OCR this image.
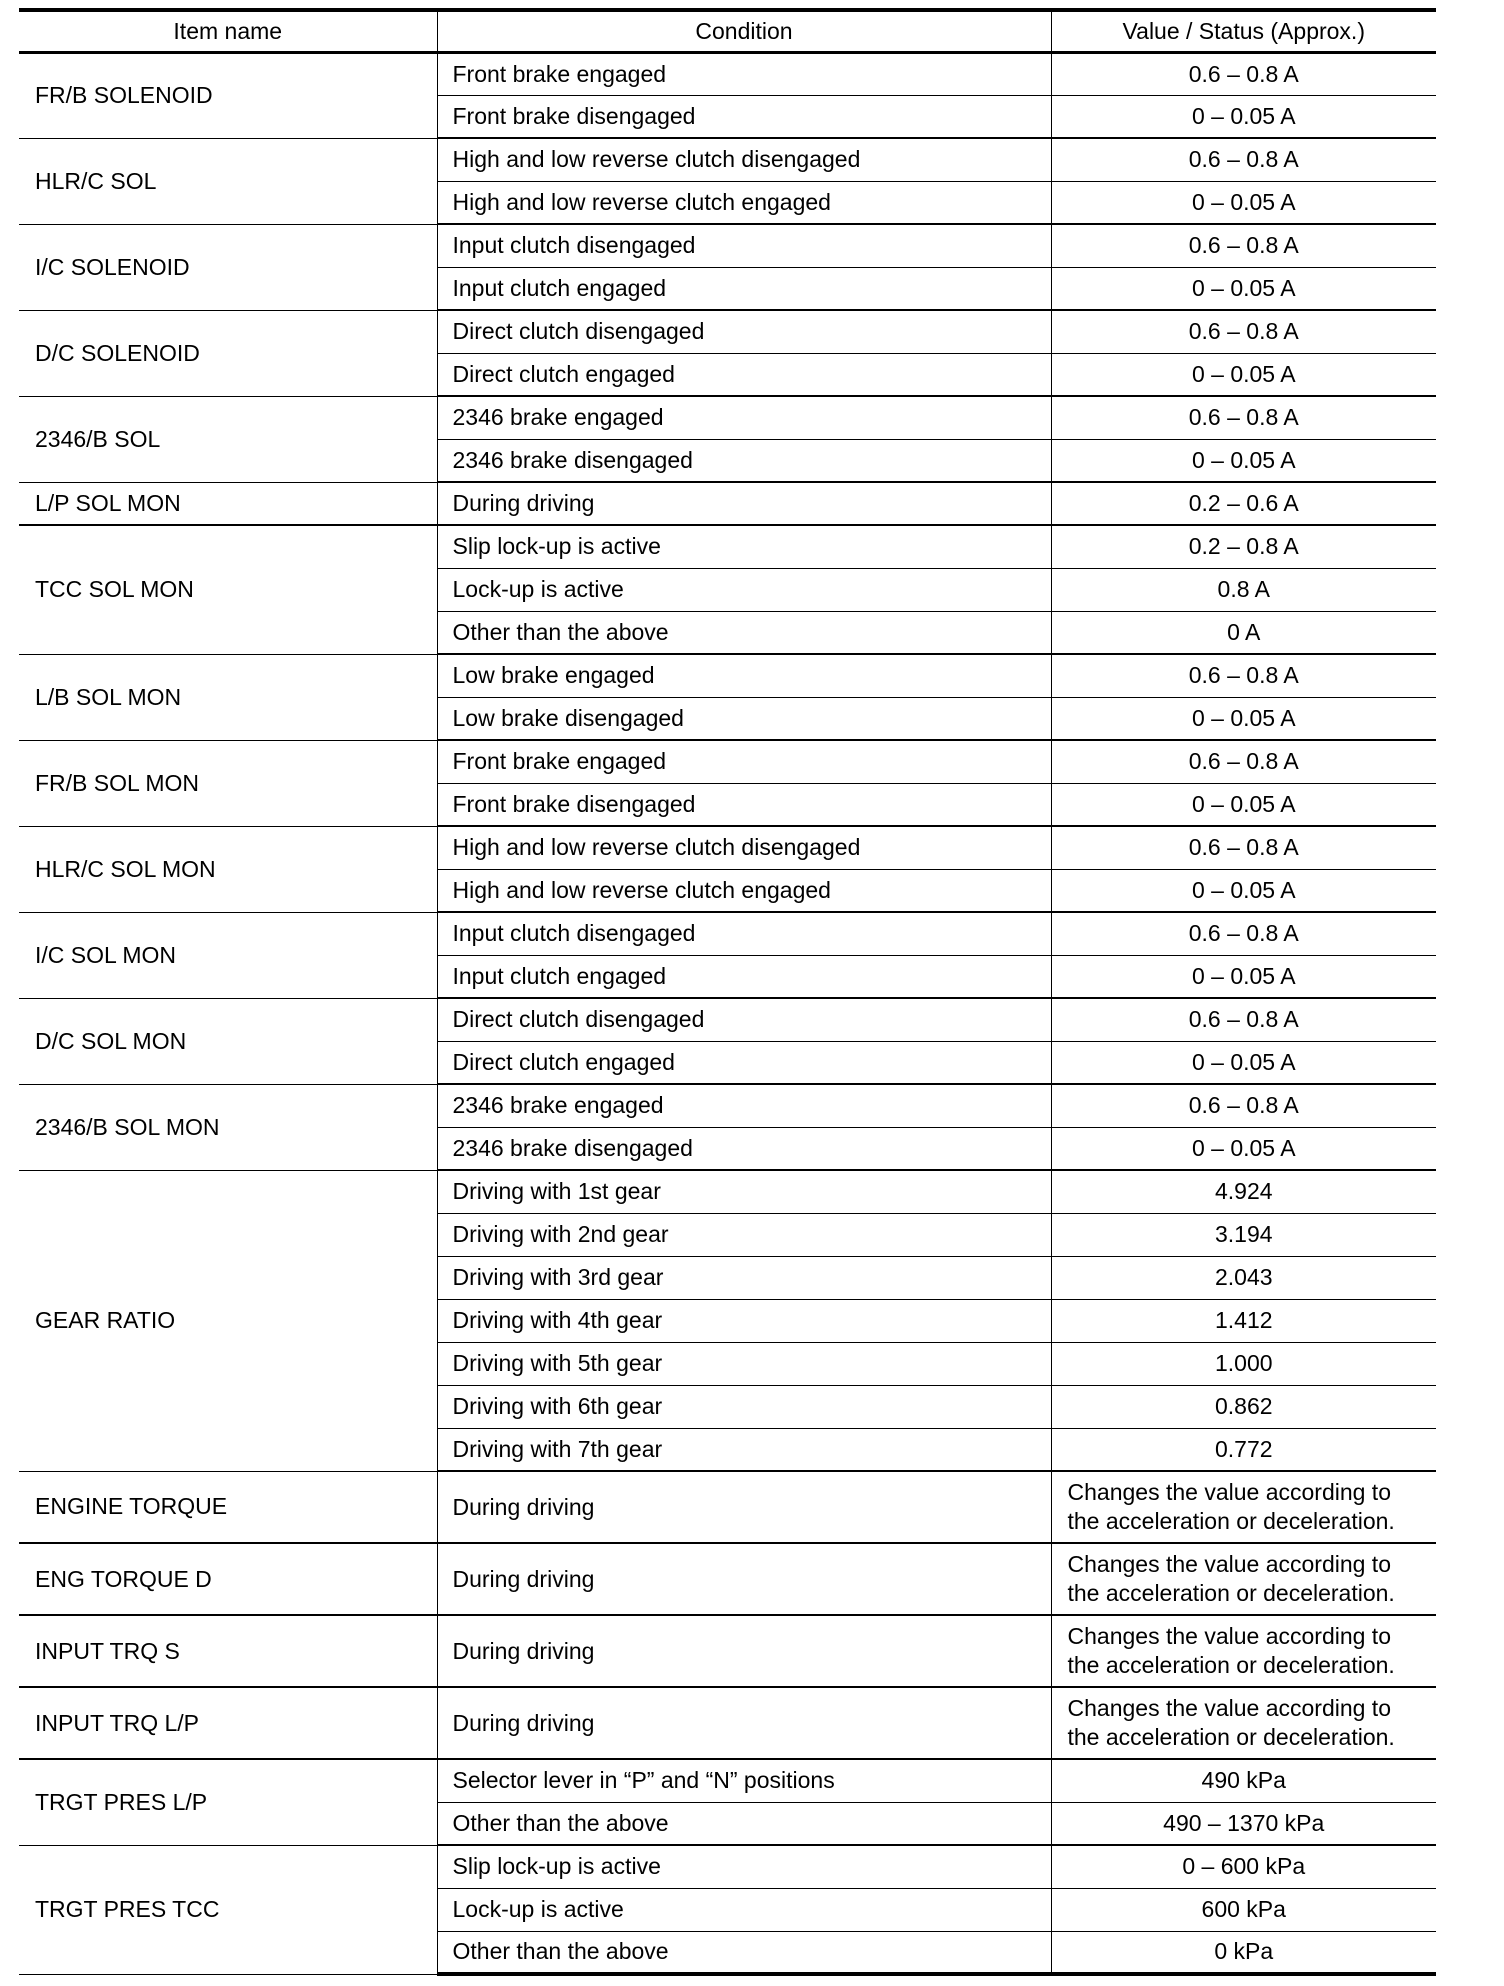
Item name	Condition	Value / Status (Approx.)
FR/B SOLENOID	Front brake engaged	0.6 – 0.8 A
	Front brake disengaged	0 – 0.05 A
HLR/C SOL	High and low reverse clutch disengaged	0.6 – 0.8 A
	High and low reverse clutch engaged	0 – 0.05 A
I/C SOLENOID	Input clutch disengaged	0.6 – 0.8 A
	Input clutch engaged	0 – 0.05 A
D/C SOLENOID	Direct clutch disengaged	0.6 – 0.8 A
	Direct clutch engaged	0 – 0.05 A
2346/B SOL	2346 brake engaged	0.6 – 0.8 A
	2346 brake disengaged	0 – 0.05 A
L/P SOL MON	During driving	0.2 – 0.6 A
TCC SOL MON	Slip lock-up is active	0.2 – 0.8 A
	Lock-up is active	0.8 A
	Other than the above	0 A
L/B SOL MON	Low brake engaged	0.6 – 0.8 A
	Low brake disengaged	0 – 0.05 A
FR/B SOL MON	Front brake engaged	0.6 – 0.8 A
	Front brake disengaged	0 – 0.05 A
HLR/C SOL MON	High and low reverse clutch disengaged	0.6 – 0.8 A
	High and low reverse clutch engaged	0 – 0.05 A
I/C SOL MON	Input clutch disengaged	0.6 – 0.8 A
	Input clutch engaged	0 – 0.05 A
D/C SOL MON	Direct clutch disengaged	0.6 – 0.8 A
	Direct clutch engaged	0 – 0.05 A
2346/B SOL MON	2346 brake engaged	0.6 – 0.8 A
	2346 brake disengaged	0 – 0.05 A
GEAR RATIO	Driving with 1st gear	4.924
	Driving with 2nd gear	3.194
	Driving with 3rd gear	2.043
	Driving with 4th gear	1.412
	Driving with 5th gear	1.000
	Driving with 6th gear	0.862
	Driving with 7th gear	0.772
ENGINE TORQUE	During driving	Changes the value according to the acceleration or deceleration.
ENG TORQUE D	During driving	Changes the value according to the acceleration or deceleration.
INPUT TRQ S	During driving	Changes the value according to the acceleration or deceleration.
INPUT TRQ L/P	During driving	Changes the value according to the acceleration or deceleration.
TRGT PRES L/P	Selector lever in “P” and “N” positions	490 kPa
	Other than the above	490 – 1370 kPa
TRGT PRES TCC	Slip lock-up is active	0 – 600 kPa
	Lock-up is active	600 kPa
	Other than the above	0 kPa
